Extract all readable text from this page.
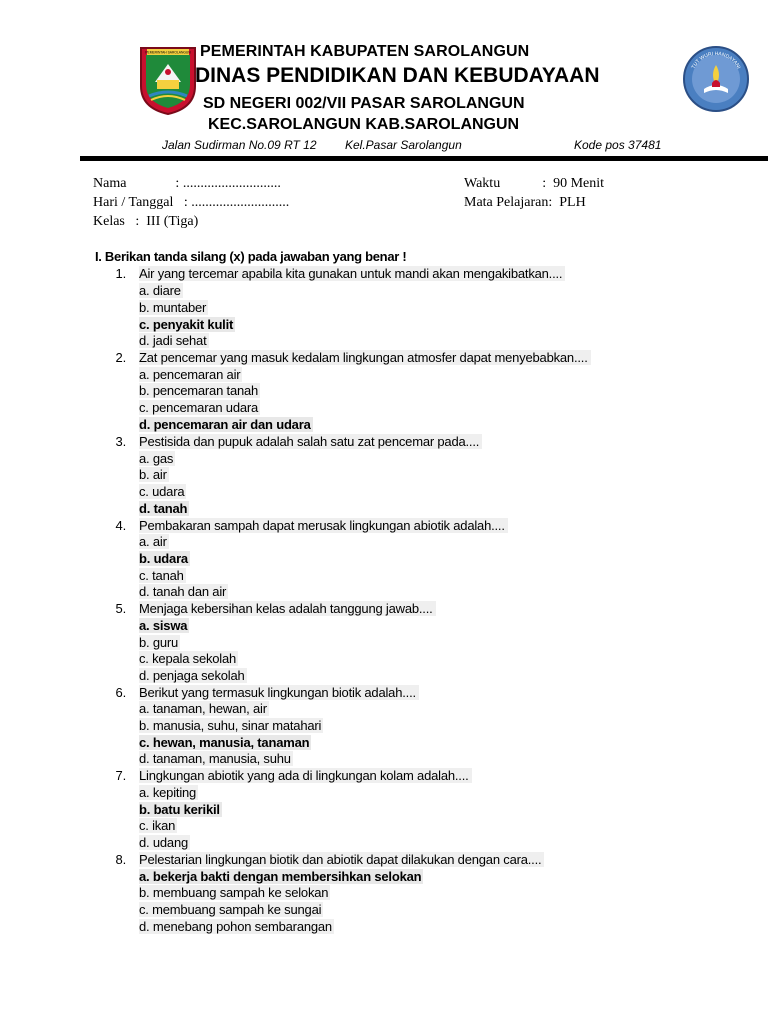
PEMERINTAH SAROLANGUN PEMERINTAH KABUPATEN SAROLANGUN
DINAS PENDIDIKAN DAN KEBUDAYAAN
SD NEGERI 002/VII PASAR SAROLANGUN
KEC.SAROLANGUN KAB.SAROLANGUN
Jalan Sudirman No.09 RT 12 Kel.Pasar Sarolangun	Kode pos 37481
TUT WURI HANDAYANI
Nama              : ............................
Hari / Tanggal   : ............................
Kelas   :  III (Tiga)
Waktu            :  90 Menit
Mata Pelajaran:  PLH
I. Berikan tanda silang (x) pada jawaban yang benar !
1. Air yang tercemar apabila kita gunakan untuk mandi akan mengakibatkan....
a. diare
b. muntaber
c. penyakit kulit
d. jadi sehat
2. Zat pencemar yang masuk kedalam lingkungan atmosfer dapat menyebabkan....
a. pencemaran air
b. pencemaran tanah
c. pencemaran udara
d. pencemaran air dan udara
3. Pestisida dan pupuk adalah salah satu zat pencemar pada....
a. gas
b. air
c. udara
d. tanah
4. Pembakaran sampah dapat merusak lingkungan abiotik adalah....
a. air
b. udara
c. tanah
d. tanah dan air
5. Menjaga kebersihan kelas adalah tanggung jawab....
a. siswa
b. guru
c. kepala sekolah
d. penjaga sekolah
6. Berikut yang termasuk lingkungan biotik adalah....
a. tanaman, hewan, air
b. manusia, suhu, sinar matahari
c. hewan, manusia, tanaman
d. tanaman, manusia, suhu
7. Lingkungan abiotik yang ada di lingkungan kolam adalah....
a. kepiting
b. batu kerikil
c. ikan
d. udang
8. Pelestarian lingkungan biotik dan abiotik dapat dilakukan dengan cara....
a. bekerja bakti dengan membersihkan selokan
b. membuang sampah ke selokan
c. membuang sampah ke sungai
d. menebang pohon sembarangan
